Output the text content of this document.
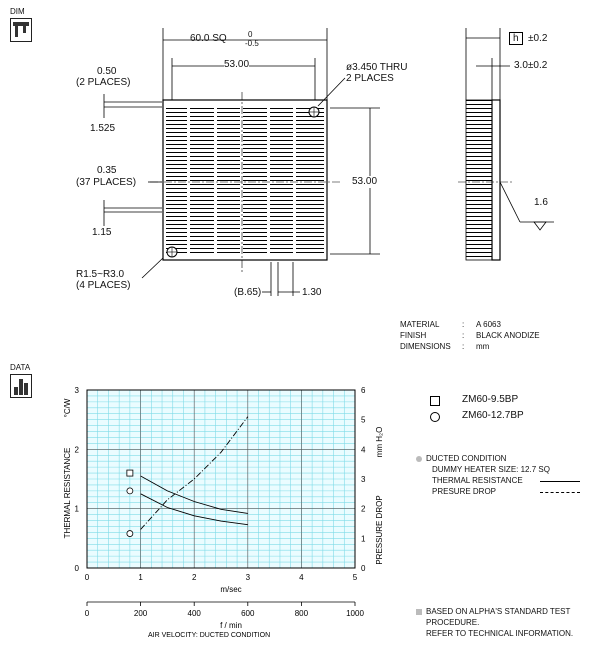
DIM
60.0 SQ	0
-0.5
53.00	ø3.450 THRU
2 PLACES
53.00
0.50
(2 PLACES)
1.525
0.35
(37 PLACES)
1.15
R1.5~R3.0
(4 PLACES)
(B.65)	1.30
h ±0.2
3.0±0.2
1.6
MATERIAL	: A 6063
FINISH	: BLACK ANODIZE
DIMENSIONS : mm
DATA
0
1
2
3
0
1
2
3
4
5
6
0	1	2	3	4	5
0	200	400	600	800	1000
m/sec
f / min
AIR VELOCITY: DUCTED CONDITION
THERMAL RESISTANCE
°C/W
PRESSURE DROP
mm H₂O
ZM60-9.5BP
ZM60-12.7BP
DUCTED CONDITION
DUMMY HEATER SIZE: 12.7 SQ
THERMAL RESISTANCE
PRESURE DROP
BASED ON ALPHA'S STANDARD TEST
PROCEDURE.
REFER TO TECHNICAL INFORMATION.
